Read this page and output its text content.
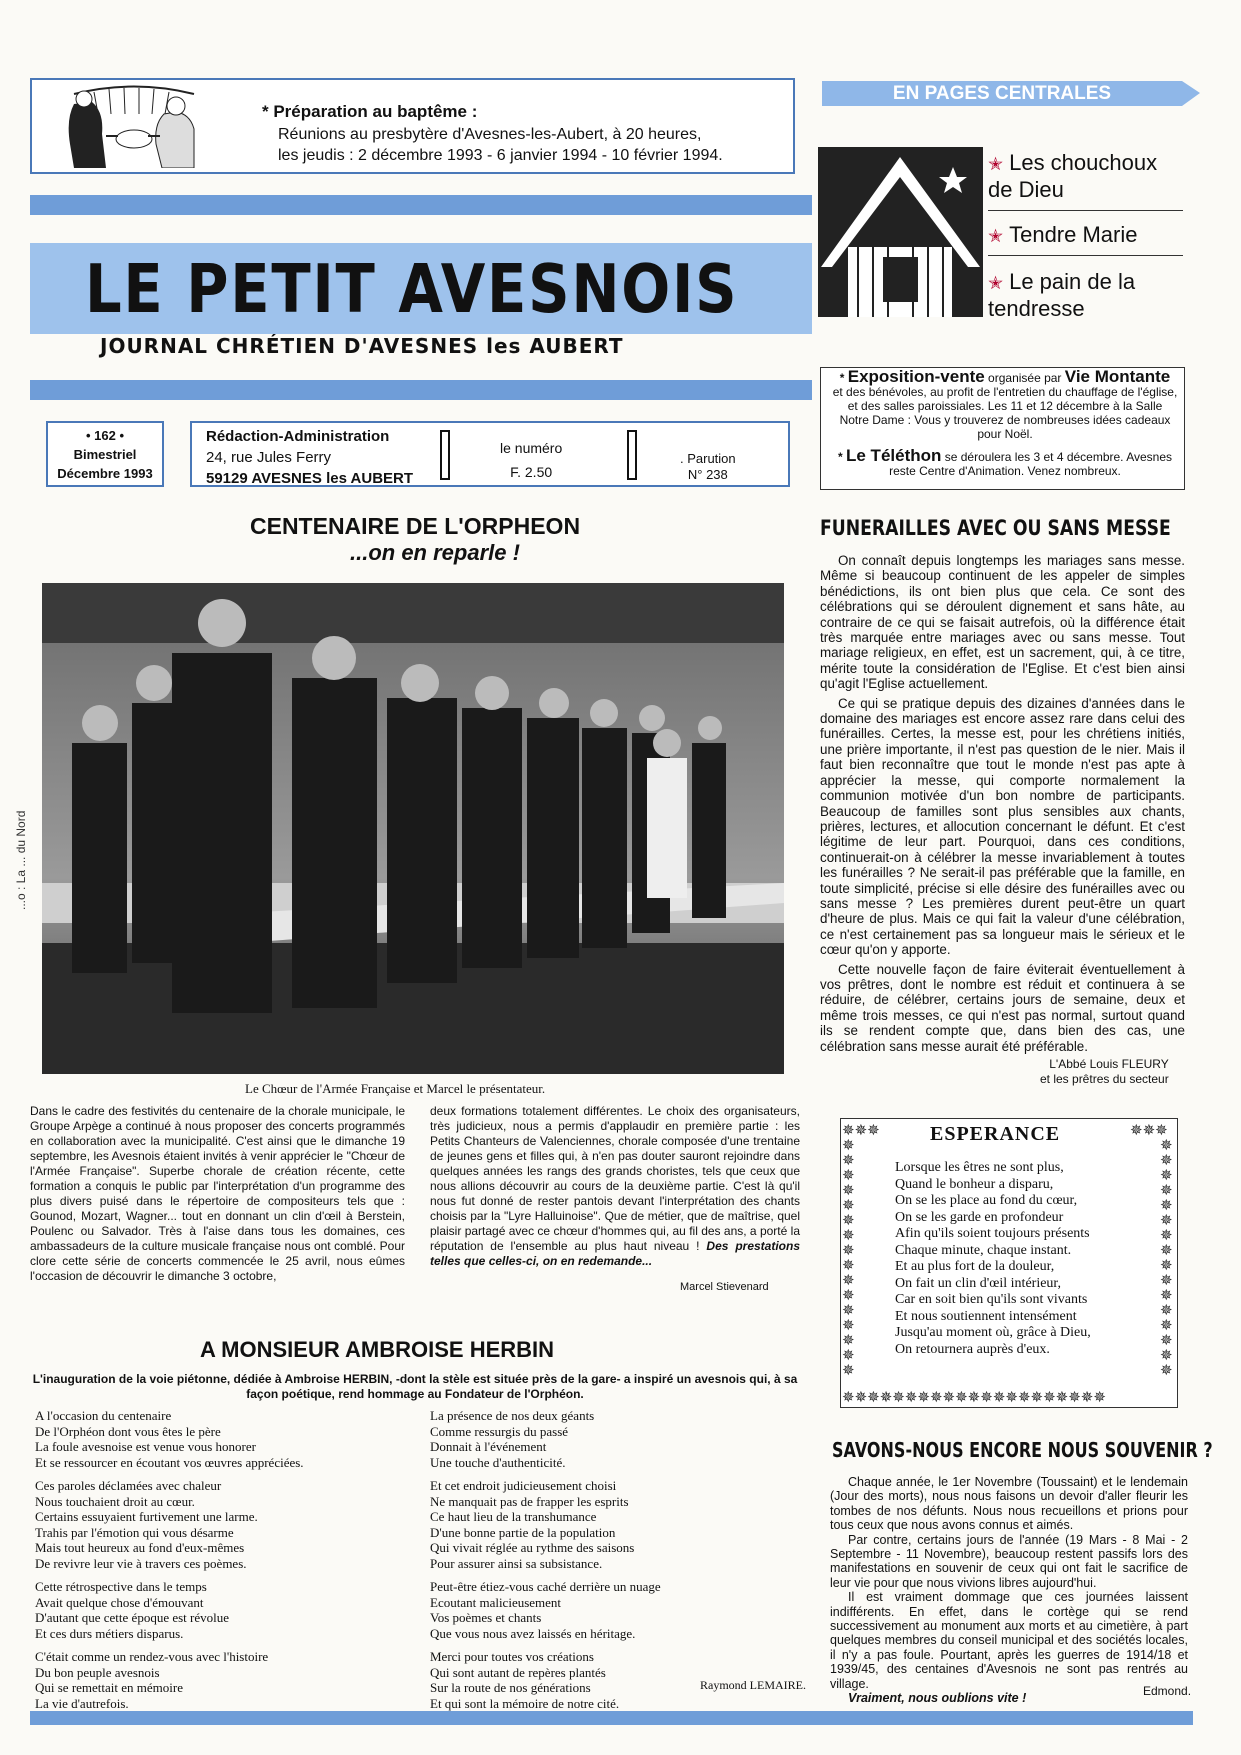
* Préparation au baptême :
Réunions au presbytère d'Avesnes-les-Aubert, à 20 heures,
les jeudis : 2 décembre 1993 - 6 janvier 1994 - 10 février 1994.
LE PETIT AVESNOIS
JOURNAL CHRÉTIEN D'AVESNES les AUBERT
• 162 •
Bimestriel
Décembre 1993
Rédaction-Administration
24, rue Jules Ferry
59129 AVESNES les AUBERT
le numéro
F. 2.50
. Parution
N° 238
CENTENAIRE DE L'ORPHEON
...on en reparle !
Le Chœur de l'Armée Française et Marcel le présentateur.
Dans le cadre des festivités du centenaire de la chorale municipale, le Groupe Arpège a continué à nous proposer des concerts programmés en collaboration avec la municipalité. C'est ainsi que le dimanche 19 septembre, les Avesnois étaient invités à venir apprécier le "Chœur de l'Armée Française". Superbe chorale de création récente, cette formation a conquis le public par l'interprétation d'un programme des plus divers puisé dans le répertoire de compositeurs tels que : Gounod, Mozart, Wagner... tout en donnant un clin d'œil à Berstein, Poulenc ou Salvador. Très à l'aise dans tous les domaines, ces ambassadeurs de la culture musicale française nous ont comblé. Pour clore cette série de concerts commencée le 25 avril, nous eûmes l'occasion de découvrir le dimanche 3 octobre,
deux formations totalement différentes. Le choix des organisateurs, très judicieux, nous a permis d'applaudir en première partie : les Petits Chanteurs de Valenciennes, chorale composée d'une trentaine de jeunes gens et filles qui, à n'en pas douter sauront rejoindre dans quelques années les rangs des grands choristes, tels que ceux que nous allions découvrir au cours de la deuxième partie. C'est là qu'il nous fut donné de rester pantois devant l'interprétation des chants choisis par la "Lyre Halluinoise". Que de métier, que de maîtrise, quel plaisir partagé avec ce chœur d'hommes qui, au fil des ans, a porté la réputation de l'ensemble au plus haut niveau ! Des prestations telles que celles-ci, on en redemande...
Marcel Stievenard
A MONSIEUR AMBROISE HERBIN
L'inauguration de la voie piétonne, dédiée à Ambroise HERBIN, -dont la stèle est située près de la gare- a inspiré un avesnois qui, à sa façon poétique, rend hommage au Fondateur de l'Orphéon.
A l'occasion du centenaire
De l'Orphéon dont vous êtes le père
La foule avesnoise est venue vous honorer
Et se ressourcer en écoutant vos œuvres appréciées.
Ces paroles déclamées avec chaleur
Nous touchaient droit au cœur.
Certains essuyaient furtivement une larme.
Trahis par l'émotion qui vous désarme
Mais tout heureux au fond d'eux-mêmes
De revivre leur vie à travers ces poèmes.
Cette rétrospective dans le temps
Avait quelque chose d'émouvant
D'autant que cette époque est révolue
Et ces durs métiers disparus.
C'était comme un rendez-vous avec l'histoire
Du bon peuple avesnois
Qui se remettait en mémoire
La vie d'autrefois.
La présence de nos deux géants
Comme ressurgis du passé
Donnait à l'événement
Une touche d'authenticité.
Et cet endroit judicieusement choisi
Ne manquait pas de frapper les esprits
Ce haut lieu de la transhumance
D'une bonne partie de la population
Qui vivait réglée au rythme des saisons
Pour assurer ainsi sa subsistance.
Peut-être étiez-vous caché derrière un nuage
Ecoutant malicieusement
Vos poèmes et chants
Que vous nous avez laissés en héritage.
Merci pour toutes vos créations
Qui sont autant de repères plantés
Sur la route de nos générations
Et qui sont la mémoire de notre cité.
Raymond LEMAIRE.
EN PAGES CENTRALES
✭ Les chouchoux de Dieu
✭ Tendre Marie
✭ Le pain de la tendresse
* Exposition-vente organisée par Vie Montante
et des bénévoles, au profit de l'entretien du chauffage de l'église, et des salles paroissiales. Les 11 et 12 décembre à la Salle Notre Dame : Vous y trouverez de nombreuses idées cadeaux pour Noël.
* Le Téléthon se déroulera les 3 et 4 décembre. Avesnes reste Centre d'Animation. Venez nombreux.
FUNERAILLES AVEC OU SANS MESSE

On connaît depuis longtemps les mariages sans messe. Même si beaucoup continuent de les appeler de simples bénédictions, ils ont bien plus que cela. Ce sont des célébrations qui se déroulent dignement et sans hâte, au contraire de ce qui se faisait autrefois, où la différence était très marquée entre mariages avec ou sans messe. Tout mariage religieux, en effet, est un sacrement, qui, à ce titre, mérite toute la considération de l'Eglise. Et c'est bien ainsi qu'agit l'Eglise actuellement.

Ce qui se pratique depuis des dizaines d'années dans le domaine des mariages est encore assez rare dans celui des funérailles. Certes, la messe est, pour les chrétiens initiés, une prière importante, il n'est pas question de le nier. Mais il faut bien reconnaître que tout le monde n'est pas apte à apprécier la messe, qui comporte normalement la communion motivée d'un bon nombre de participants. Beaucoup de familles sont plus sensibles aux chants, prières, lectures, et allocution concernant le défunt. Et c'est légitime de leur part. Pourquoi, dans ces conditions, continuerait-on à célébrer la messe invariablement à toutes les funérailles ? Ne serait-il pas préférable que la famille, en toute simplicité, précise si elle désire des funérailles avec ou sans messe ? Les premières durent peut-être un quart d'heure de plus. Mais ce qui fait la valeur d'une célébration, ce n'est certainement pas sa longueur mais le sérieux et le cœur qu'on y apporte.

Cette nouvelle façon de faire éviterait éventuellement à vos prêtres, dont le nombre est réduit et continuera à se réduire, de célébrer, certains jours de semaine, deux et même trois messes, ce qui n'est pas normal, surtout quand ils se rendent compte que, dans bien des cas, une célébration sans messe aurait été préférable.

L'Abbé Louis FLEURY
et les prêtres du secteur
✵✵✵	✵✵✵
✵✵✵✵✵✵✵✵✵✵✵✵✵✵✵✵
✵✵✵✵✵✵✵✵✵✵✵✵✵✵✵✵
✵✵✵✵✵✵✵✵✵✵✵✵✵✵✵✵✵✵✵✵✵
ESPERANCE
Lorsque les êtres ne sont plus,
Quand le bonheur a disparu,
On se les place au fond du cœur,
On se les garde en profondeur
Afin qu'ils soient toujours présents
Chaque minute, chaque instant.
Et au plus fort de la douleur,
On fait un clin d'œil intérieur,
Car en soit bien qu'ils sont vivants
Et nous soutiennent intensément
Jusqu'au moment où, grâce à Dieu,
On retournera auprès d'eux.
SAVONS-NOUS ENCORE NOUS SOUVENIR ?

Chaque année, le 1er Novembre (Toussaint) et le lendemain (Jour des morts), nous nous faisons un devoir d'aller fleurir les tombes de nos défunts. Nous nous recueillons et prions pour tous ceux que nous avons connus et aimés.

Par contre, certains jours de l'année (19 Mars - 8 Mai - 2 Septembre - 11 Novembre), beaucoup restent passifs lors des manifestations en souvenir de ceux qui ont fait le sacrifice de leur vie pour que nous vivions libres aujourd'hui.

Il est vraiment dommage que ces journées laissent indifférents. En effet, dans le cortège qui se rend successivement au monument aux morts et au cimetière, à part quelques membres du conseil municipal et des sociétés locales, il n'y a pas foule. Pourtant, après les guerres de 1914/18 et 1939/45, des centaines d'Avesnois ne sont pas rentrés au village.

Vraiment, nous oublions vite !

Edmond.
...o : La ... du Nord
